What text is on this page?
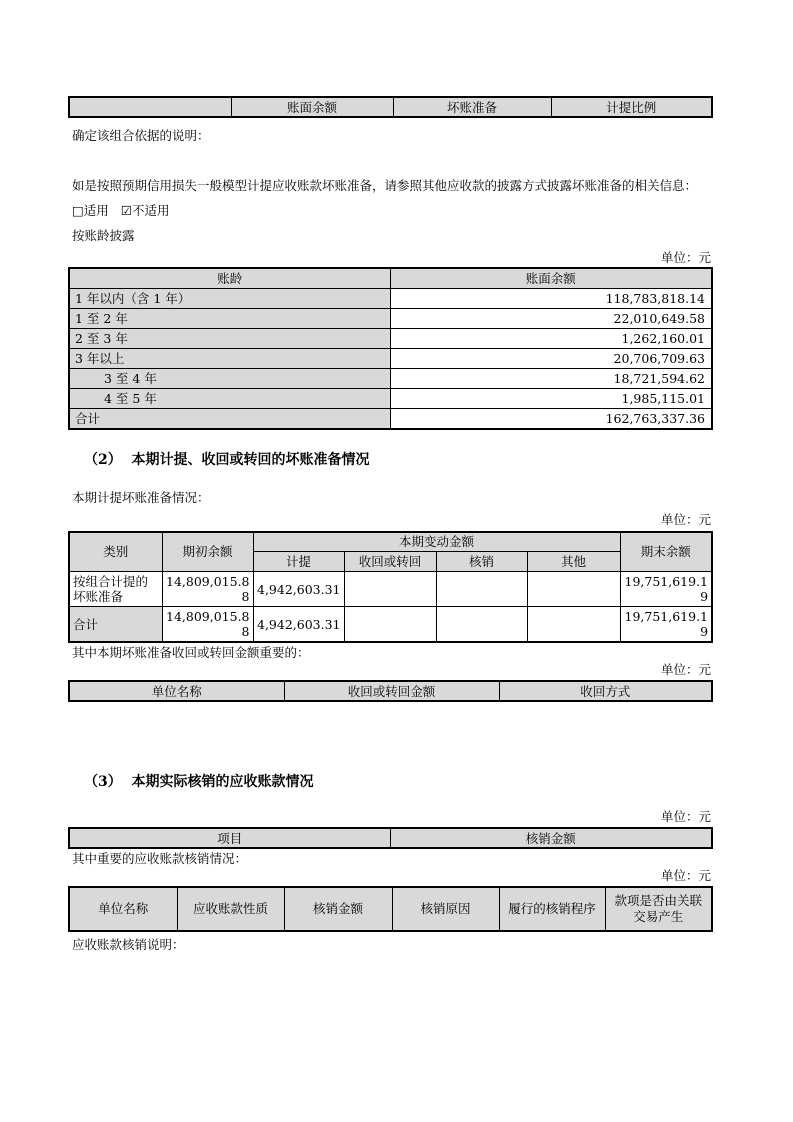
	账面余额	坏账准备	计提比例

确定该组合依据的说明：

如是按照预期信用损失一般模型计提应收账款坏账准备，请参照其他应收款的披露方式披露坏账准备的相关信息：

□适用 ☑不适用

按账龄披露

单位：元

账龄	账面余额
1 年以内（含 1 年）	118,783,818.14
1 至 2 年	22,010,649.58
2 至 3 年	1,262,160.01
3 年以上	20,706,709.63
3 至 4 年	18,721,594.62
4 至 5 年	1,985,115.01
合计	162,763,337.36
（2） 本期计提、收回或转回的坏账准备情况

本期计提坏账准备情况：

单位：元

类别	期初余额	本期变动金额				期末余额
		计提	收回或转回	核销	其他	
按组合计提的坏账准备	14,809,015.88	4,942,603.31				19,751,619.19
合计	14,809,015.88	4,942,603.31				19,751,619.19

其中本期坏账准备收回或转回金额重要的：

单位：元

单位名称	收回或转回金额	收回方式
（3） 本期实际核销的应收账款情况

单位：元

项目	核销金额

其中重要的应收账款核销情况：

单位：元

单位名称	应收账款性质	核销金额	核销原因	履行的核销程序	款项是否由关联交易产生

应收账款核销说明：
